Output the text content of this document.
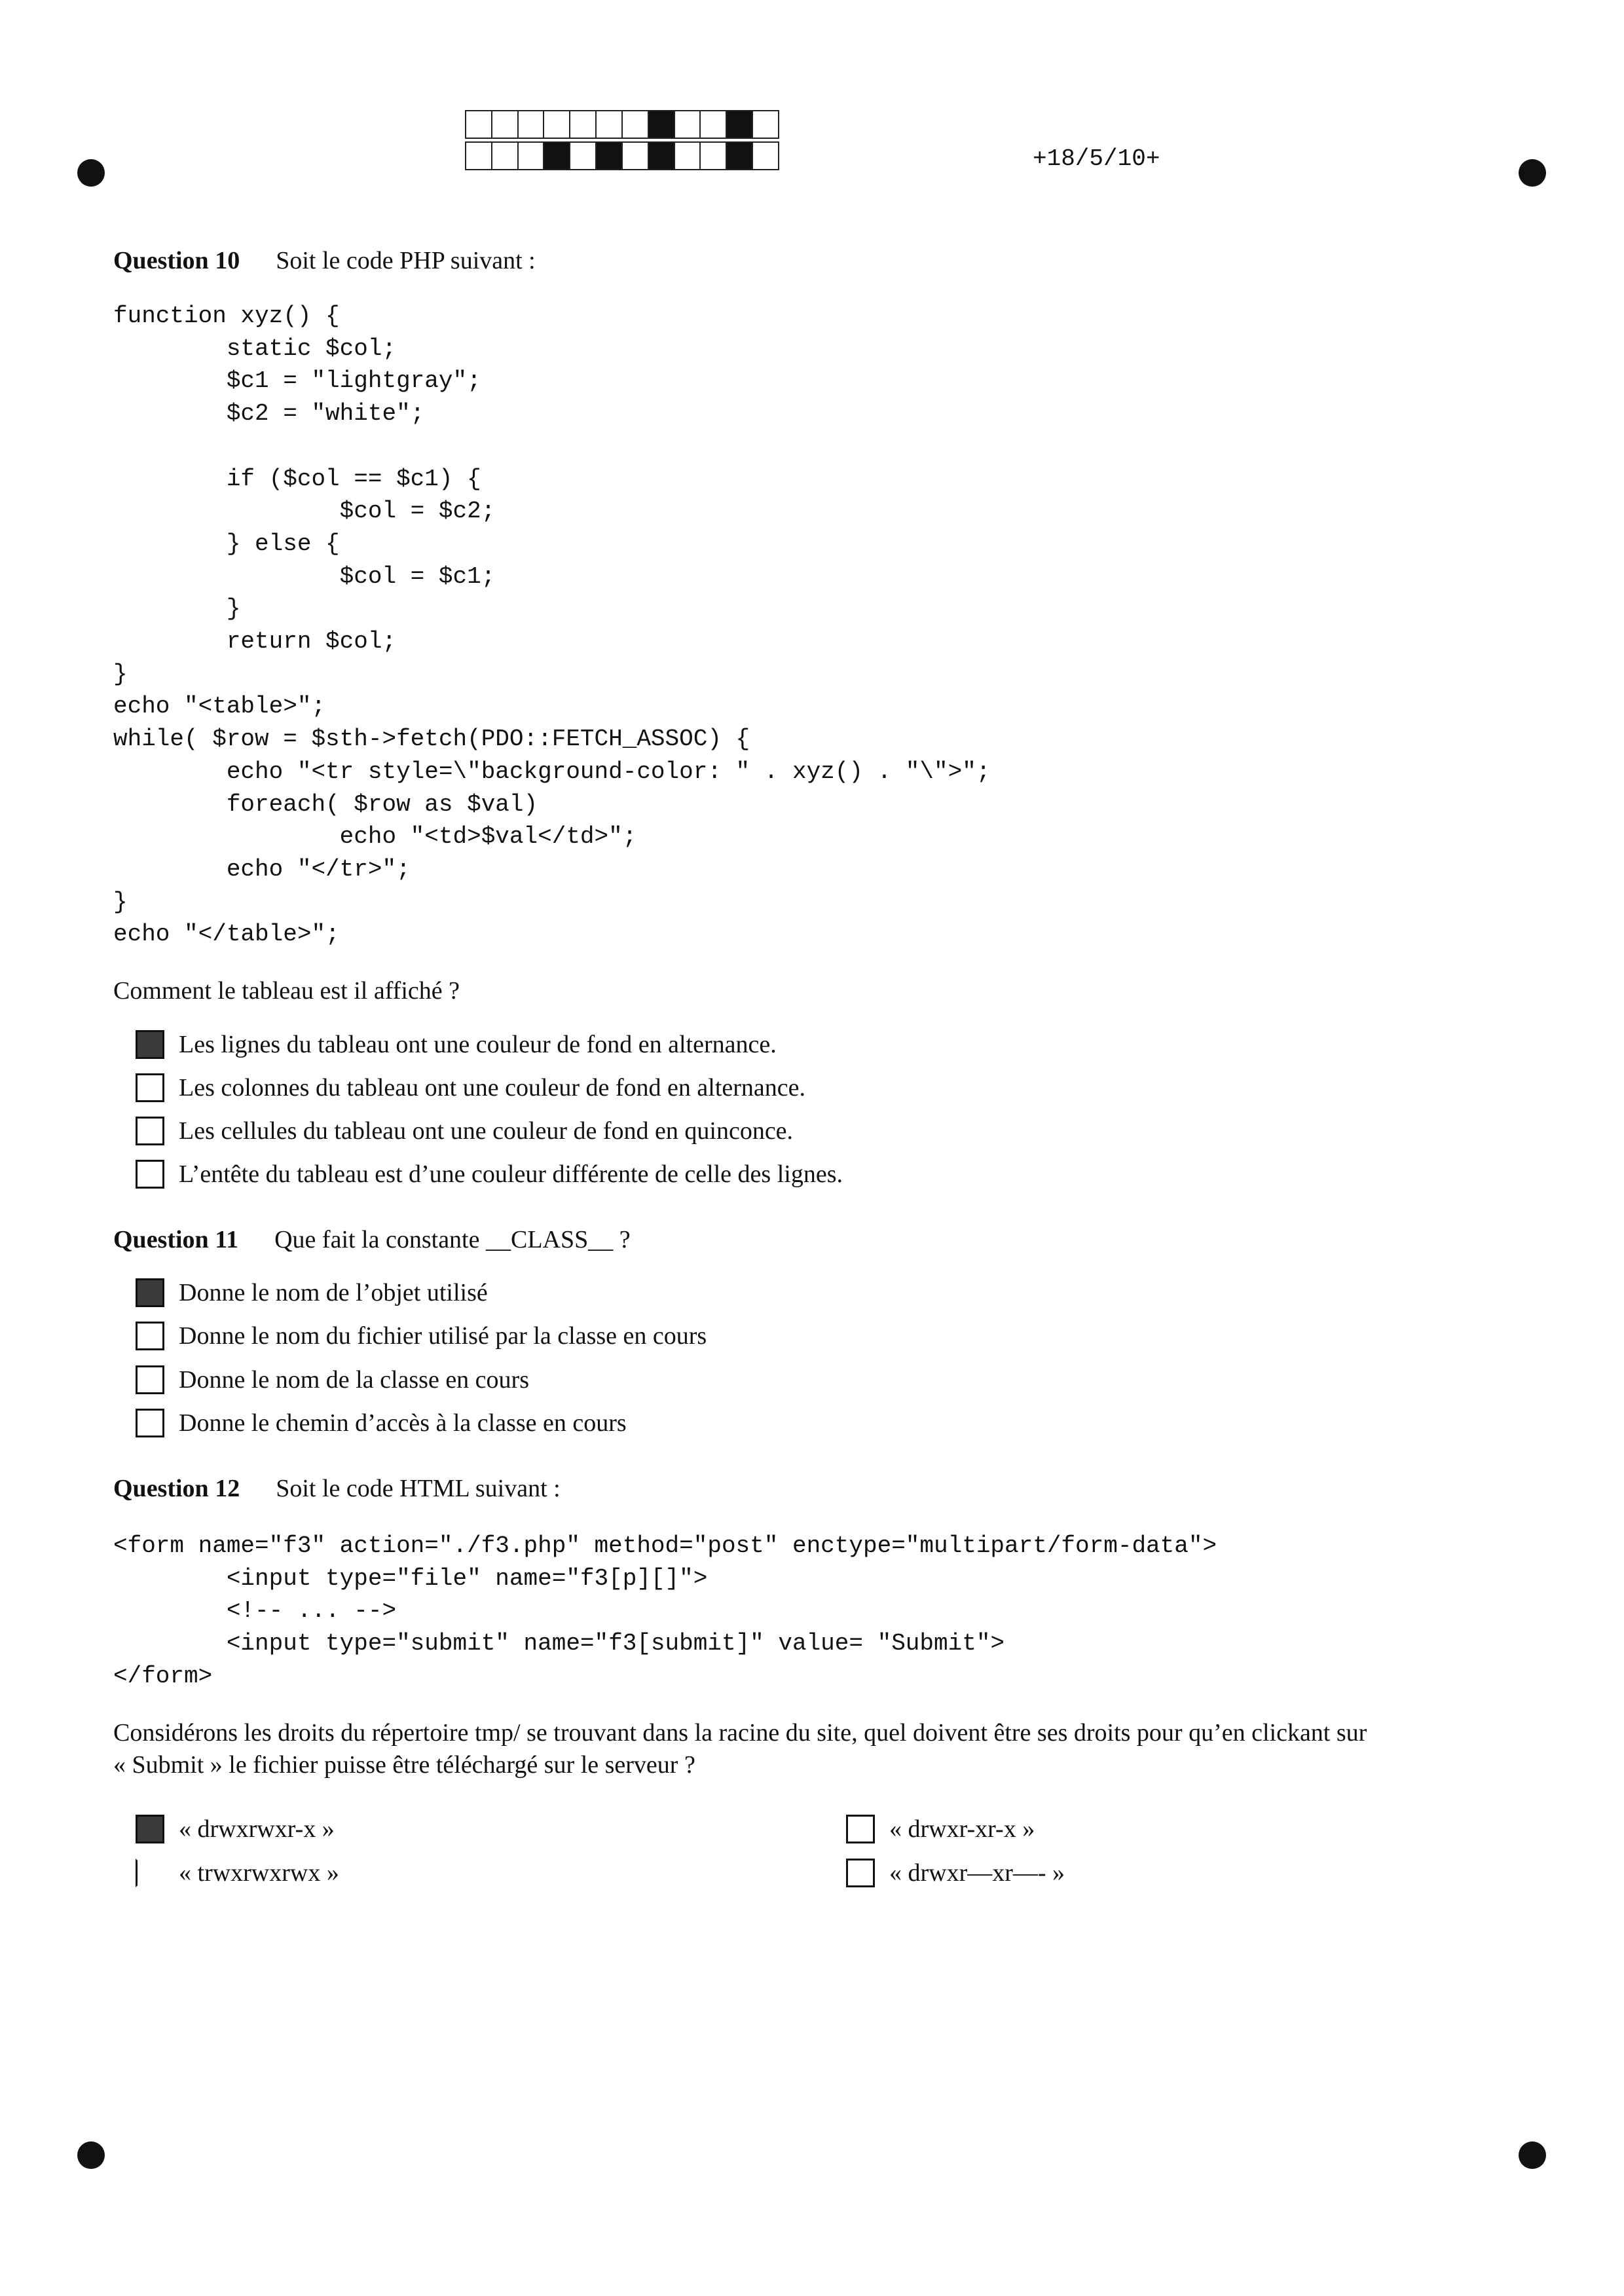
+18/5/10+
Question 10 Soit le code PHP suivant :
function xyz() {
static $col;
$c1 = "lightgray";
$c2 = "white";

if ($col == $c1) {
$col = $c2;
} else {
$col = $c1;
}
return $col;
}
echo "<table>";
while( $row = $sth->fetch(PDO::FETCH_ASSOC) {
echo "<tr style=\"background-color: " . xyz() . "\">";
foreach( $row as $val)
echo "<td>$val</td>";
echo "</tr>";
}
echo "</table>";
Comment le tableau est il affiché ?
Les lignes du tableau ont une couleur de fond en alternance.
Les colonnes du tableau ont une couleur de fond en alternance.
Les cellules du tableau ont une couleur de fond en quinconce.
L’entête du tableau est d’une couleur différente de celle des lignes.
Question 11 Que fait la constante __CLASS__ ?
Donne le nom de l’objet utilisé
Donne le nom du fichier utilisé par la classe en cours
Donne le nom de la classe en cours
Donne le chemin d’accès à la classe en cours
Question 12 Soit le code HTML suivant :
<form name="f3" action="./f3.php" method="post" enctype="multipart/form-data">
<input type="file" name="f3[p][]">
<!-- ... -->
<input type="submit" name="f3[submit]" value= "Submit">
</form>
Considérons les droits du répertoire tmp/ se trouvant dans la racine du site, quel doivent être ses droits pour qu’en clickant sur
« Submit » le fichier puisse être téléchargé sur le serveur ?
« drwxrwxr-x »	« drwxr-xr-x »
« trwxrwxrwx »	« drwxr—xr—- »
